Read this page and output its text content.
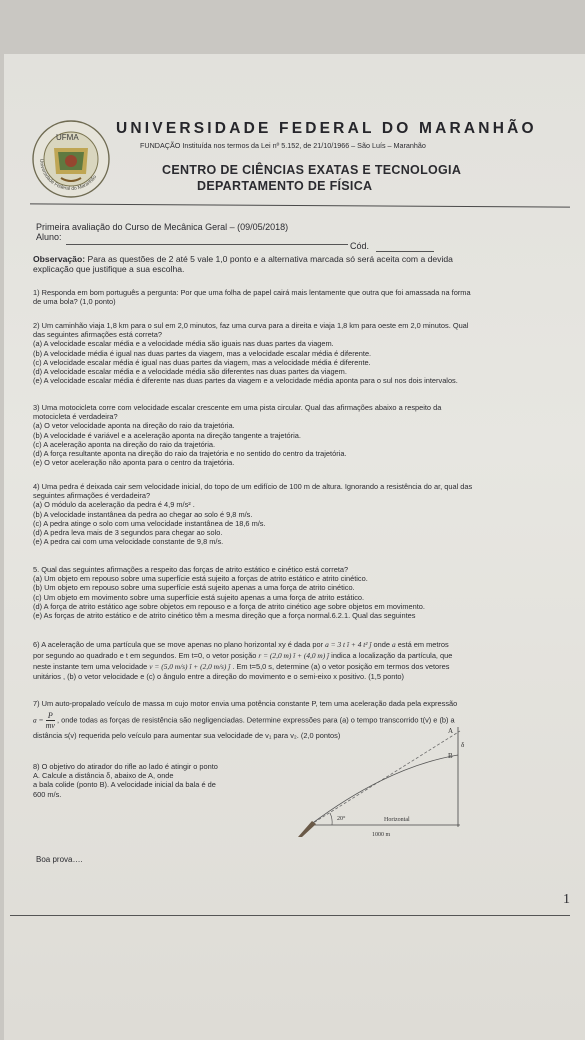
UFMA
Universidade Federal do Maranhão
UNIVERSIDADE FEDERAL DO MARANHÃO
FUNDAÇÃO Instituída nos termos da Lei nº 5.152, de 21/10/1966 – São Luís – Maranhão
CENTRO DE CIÊNCIAS EXATAS E TECNOLOGIA
DEPARTAMENTO DE FÍSICA
Primeira avaliação do Curso de Mecânica Geral – (09/05/2018)
Aluno:
Cód.
Observação: Para as questões de 2 até 5 vale 1,0 ponto e a alternativa marcada só será aceita com a devida
explicação que justifique a sua escolha.
1) Responda em bom português a pergunta: Por que uma folha de papel cairá mais lentamente que outra que foi amassada na forma
de uma bola? (1,0 ponto)
2) Um caminhão viaja 1,8 km para o sul em 2,0 minutos, faz uma curva para a direita e viaja 1,8 km para oeste em 2,0 minutos. Qual
das seguintes afirmações está correta?
(a) A velocidade escalar média e a velocidade média são iguais nas duas partes da viagem.
(b) A velocidade média é igual nas duas partes da viagem, mas a velocidade escalar média é diferente.
(c) A velocidade escalar média é igual nas duas partes da viagem, mas a velocidade média é diferente.
(d) A velocidade escalar média e a velocidade média são diferentes nas duas partes da viagem.
(e) A velocidade escalar média é diferente nas duas partes da viagem e a velocidade média aponta para o sul nos dois intervalos.
3) Uma motocicleta corre com velocidade escalar crescente em uma pista circular. Qual das afirmações abaixo a respeito da
motocicleta é verdadeira?
(a) O vetor velocidade aponta na direção do raio da trajetória.
(b) A velocidade é variável e a aceleração aponta na direção tangente a trajetória.
(c) A aceleração aponta na direção do raio da trajetória.
(d) A força resultante aponta na direção do raio da trajetória e no sentido do centro da trajetória.
(e) O vetor aceleração não aponta para o centro da trajetória.
4) Uma pedra é deixada cair sem velocidade inicial, do topo de um edifício de 100 m de altura. Ignorando a resistência do ar, qual das
seguintes afirmações é verdadeira?
(a) O módulo da aceleração da pedra é 4,9 m/s² .
(b) A velocidade instantânea da pedra ao chegar ao solo é 9,8 m/s.
(c) A pedra atinge o solo com uma velocidade instantânea de 18,6 m/s.
(d) A pedra leva mais de 3 segundos para chegar ao solo.
(e) A pedra cai com uma velocidade constante de 9,8 m/s.
5. Qual das seguintes afirmações a respeito das forças de atrito estático e cinético está correta?
(a) Um objeto em repouso sobre uma superfície está sujeito a forças de atrito estático e atrito cinético.
(b) Um objeto em repouso sobre uma superfície está sujeito apenas a uma força de atrito cinético.
(c) Um objeto em movimento sobre uma superfície está sujeito apenas a uma força de atrito estático.
(d) A força de atrito estático age sobre objetos em repouso e a força de atrito cinético age sobre objetos em movimento.
(e) As forças de atrito estático e de atrito cinético têm a mesma direção que a força normal.6.2.1. Qual das seguintes
6) A aceleração de uma partícula que se move apenas no plano horizontal xy é dada por a = 3 t î + 4 t² ĵ onde a está em metros
por segundo ao quadrado e t em segundos. Em t=0, o vetor posição r = (2,0 m) î + (4,0 m) ĵ indica a localização da partícula, que
neste instante tem uma velocidade v = (5,0 m/s) î + (2,0 m/s) ĵ . Em t=5,0 s, determine (a) o vetor posição em termos dos vetores
unitários , (b) o vetor velocidade e (c) o ângulo entre a direção do movimento e o semi-eixo x positivo. (1,5 ponto)
7) Um auto-propalado veículo de massa m cujo motor envia uma potência constante P, tem uma aceleração dada pela expressão
$a = \frac{P}{mv}$ , onde todas as forças de resistência são negligenciadas. Determine expressões para (a) o tempo transcorrido t(v) e (b) a
distância s(v) requerida pelo veículo para aumentar sua velocidade de v₁ para v₂. (2,0 pontos)
8) O objetivo do atirador do rifle ao lado é atingir o ponto
A. Calcule a distância δ, abaixo de A, onde
a bala colide (ponto B). A velocidade inicial da bala é de
600 m/s.
A
B
δ
20°	Horizontal
1000 m
Boa prova….
1
